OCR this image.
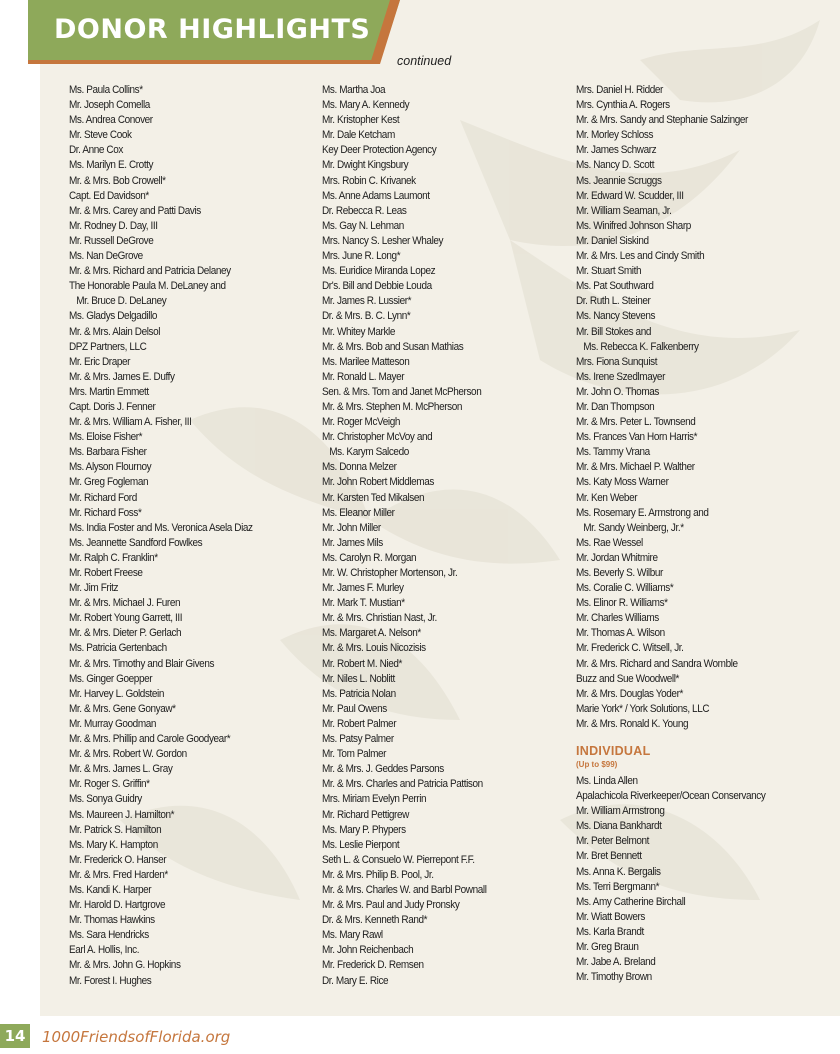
DONOR HIGHLIGHTS

continued

Ms. Paula Collins*
Mr. Joseph Comella
Ms. Andrea Conover
Mr. Steve Cook
Dr. Anne Cox
Ms. Marilyn E. Crotty
Mr. & Mrs. Bob Crowell*
Capt. Ed Davidson*
Mr. & Mrs. Carey and Patti Davis
Mr. Rodney D. Day, III
Mr. Russell DeGrove
Ms. Nan DeGrove
Mr. & Mrs. Richard and Patricia Delaney
The Honorable Paula M. DeLaney and
Mr. Bruce D. DeLaney
Ms. Gladys Delgadillo
Mr. & Mrs. Alain Delsol
DPZ Partners, LLC
Mr. Eric Draper
Mr. & Mrs. James E. Duffy
Mrs. Martin Emmett
Capt. Doris J. Fenner
Mr. & Mrs. William A. Fisher, III
Ms. Eloise Fisher*
Ms. Barbara Fisher
Ms. Alyson Flournoy
Mr. Greg Fogleman
Mr. Richard Ford
Mr. Richard Foss*
Ms. India Foster and Ms. Veronica Asela Diaz
Ms. Jeannette Sandford Fowlkes
Mr. Ralph C. Franklin*
Mr. Robert Freese
Mr. Jim Fritz
Mr. & Mrs. Michael J. Furen
Mr. Robert Young Garrett, III
Mr. & Mrs. Dieter P. Gerlach
Ms. Patricia Gertenbach
Mr. & Mrs. Timothy and Blair Givens
Ms. Ginger Goepper
Mr. Harvey L. Goldstein
Mr. & Mrs. Gene Gonyaw*
Mr. Murray Goodman
Mr. & Mrs. Phillip and Carole Goodyear*
Mr. & Mrs. Robert W. Gordon
Mr. & Mrs. James L. Gray
Mr. Roger S. Griffin*
Ms. Sonya Guidry
Ms. Maureen J. Hamilton*
Mr. Patrick S. Hamilton
Ms. Mary K. Hampton
Mr. Frederick O. Hanser
Mr. & Mrs. Fred Harden*
Ms. Kandi K. Harper
Mr. Harold D. Hartgrove
Mr. Thomas Hawkins
Ms. Sara Hendricks
Earl A. Hollis, Inc.
Mr. & Mrs. John G. Hopkins
Mr. Forest I. Hughes
Ms. Martha Joa
Ms. Mary A. Kennedy
Mr. Kristopher Kest
Mr. Dale Ketcham
Key Deer Protection Agency
Mr. Dwight Kingsbury
Mrs. Robin C. Krivanek
Ms. Anne Adams Laumont
Dr. Rebecca R. Leas
Ms. Gay N. Lehman
Mrs. Nancy S. Lesher Whaley
Mrs. June R. Long*
Ms. Euridice Miranda Lopez
Dr's. Bill and Debbie Louda
Mr. James R. Lussier*
Dr. & Mrs. B. C. Lynn*
Mr. Whitey Markle
Mr. & Mrs. Bob and Susan Mathias
Ms. Marilee Matteson
Mr. Ronald L. Mayer
Sen. & Mrs. Tom and Janet McPherson
Mr. & Mrs. Stephen M. McPherson
Mr. Roger McVeigh
Mr. Christopher McVoy and
Ms. Karym Salcedo
Ms. Donna Melzer
Mr. John Robert Middlemas
Mr. Karsten Ted Mikalsen
Ms. Eleanor Miller
Mr. John Miller
Mr. James Mils
Ms. Carolyn R. Morgan
Mr. W. Christopher Mortenson, Jr.
Mr. James F. Murley
Mr. Mark T. Mustian*
Mr. & Mrs. Christian Nast, Jr.
Ms. Margaret A. Nelson*
Mr. & Mrs. Louis Nicozisis
Mr. Robert M. Nied*
Mr. Niles L. Noblitt
Ms. Patricia Nolan
Mr. Paul Owens
Mr. Robert Palmer
Ms. Patsy Palmer
Mr. Tom Palmer
Mr. & Mrs. J. Geddes Parsons
Mr. & Mrs. Charles and Patricia Pattison
Mrs. Miriam Evelyn Perrin
Mr. Richard Pettigrew
Ms. Mary P. Phypers
Ms. Leslie Pierpont
Seth L. & Consuelo W. Pierrepont F.F.
Mr. & Mrs. Philip B. Pool, Jr.
Mr. & Mrs. Charles W. and Barbl Pownall
Mr. & Mrs. Paul and Judy Pronsky
Dr. & Mrs. Kenneth Rand*
Ms. Mary Rawl
Mr. John Reichenbach
Mr. Frederick D. Remsen
Dr. Mary E. Rice
Mrs. Daniel H. Ridder
Mrs. Cynthia A. Rogers
Mr. & Mrs. Sandy and Stephanie Salzinger
Mr. Morley Schloss
Mr. James Schwarz
Ms. Nancy D. Scott
Ms. Jeannie Scruggs
Mr. Edward W. Scudder, III
Mr. William Seaman, Jr.
Ms. Winifred Johnson Sharp
Mr. Daniel Siskind
Mr. & Mrs. Les and Cindy Smith
Mr. Stuart Smith
Ms. Pat Southward
Dr. Ruth L. Steiner
Ms. Nancy Stevens
Mr. Bill Stokes and
Ms. Rebecca K. Falkenberry
Mrs. Fiona Sunquist
Ms. Irene Szedlmayer
Mr. John O. Thomas
Mr. Dan Thompson
Mr. & Mrs. Peter L. Townsend
Ms. Frances Van Horn Harris*
Ms. Tammy Vrana
Mr. & Mrs. Michael P. Walther
Ms. Katy Moss Warner
Mr. Ken Weber
Ms. Rosemary E. Armstrong and
Mr. Sandy Weinberg, Jr.*
Ms. Rae Wessel
Mr. Jordan Whitmire
Ms. Beverly S. Wilbur
Ms. Coralie C. Williams*
Ms. Elinor R. Williams*
Mr. Charles Williams
Mr. Thomas A. Wilson
Mr. Frederick C. Witsell, Jr.
Mr. & Mrs. Richard and Sandra Womble
Buzz and Sue Woodwell*
Mr. & Mrs. Douglas Yoder*
Marie York* / York Solutions, LLC
Mr. & Mrs. Ronald K. Young
INDIVIDUAL

(Up to $99)

Ms. Linda Allen
Apalachicola Riverkeeper/Ocean Conservancy
Mr. William Armstrong
Ms. Diana Bankhardt
Mr. Peter Belmont
Mr. Bret Bennett
Ms. Anna K. Bergalis
Ms. Terri Bergmann*
Ms. Amy Catherine Birchall
Mr. Wiatt Bowers
Ms. Karla Brandt
Mr. Greg Braun
Mr. Jabe A. Breland
Mr. Timothy Brown
14	1000FriendsofFlorida.org
